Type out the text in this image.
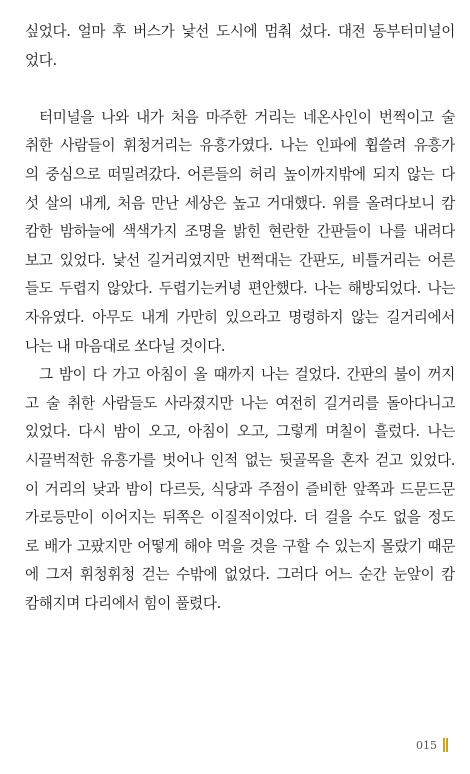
싶었다. 얼마 후 버스가 낯선 도시에 멈춰 섰다. 대전 동부터미널이
었다.
터미널을 나와 내가 처음 마주한 거리는 네온사인이 번쩍이고 술
취한 사람들이 휘청거리는 유흥가였다. 나는 인파에 휩쓸려 유흥가
의 중심으로 떠밀려갔다. 어른들의 허리 높이까지밖에 되지 않는 다
섯 살의 내게, 처음 만난 세상은 높고 거대했다. 위를 올려다보니 캄
캄한 밤하늘에 색색가지 조명을 밝힌 현란한 간판들이 나를 내려다
보고 있었다. 낯선 길거리였지만 번쩍대는 간판도, 비틀거리는 어른
들도 두렵지 않았다. 두렵기는커녕 편안했다. 나는 해방되었다. 나는
자유였다. 아무도 내게 가만히 있으라고 명령하지 않는 길거리에서
나는 내 마음대로 쏘다닐 것이다.
그 밤이 다 가고 아침이 올 때까지 나는 걸었다. 간판의 불이 꺼지
고 술 취한 사람들도 사라졌지만 나는 여전히 길거리를 돌아다니고
있었다. 다시 밤이 오고, 아침이 오고, 그렇게 며칠이 흘렀다. 나는
시끌벅적한 유흥가를 벗어나 인적 없는 뒷골목을 혼자 걷고 있었다.
이 거리의 낮과 밤이 다르듯, 식당과 주점이 즐비한 앞쪽과 드문드문
가로등만이 이어지는 뒤쪽은 이질적이었다. 더 걸을 수도 없을 정도
로 배가 고팠지만 어떻게 해야 먹을 것을 구할 수 있는지 몰랐기 때문
에 그저 휘청휘청 걷는 수밖에 없었다. 그러다 어느 순간 눈앞이 캄
캄해지며 다리에서 힘이 풀렸다.
015
